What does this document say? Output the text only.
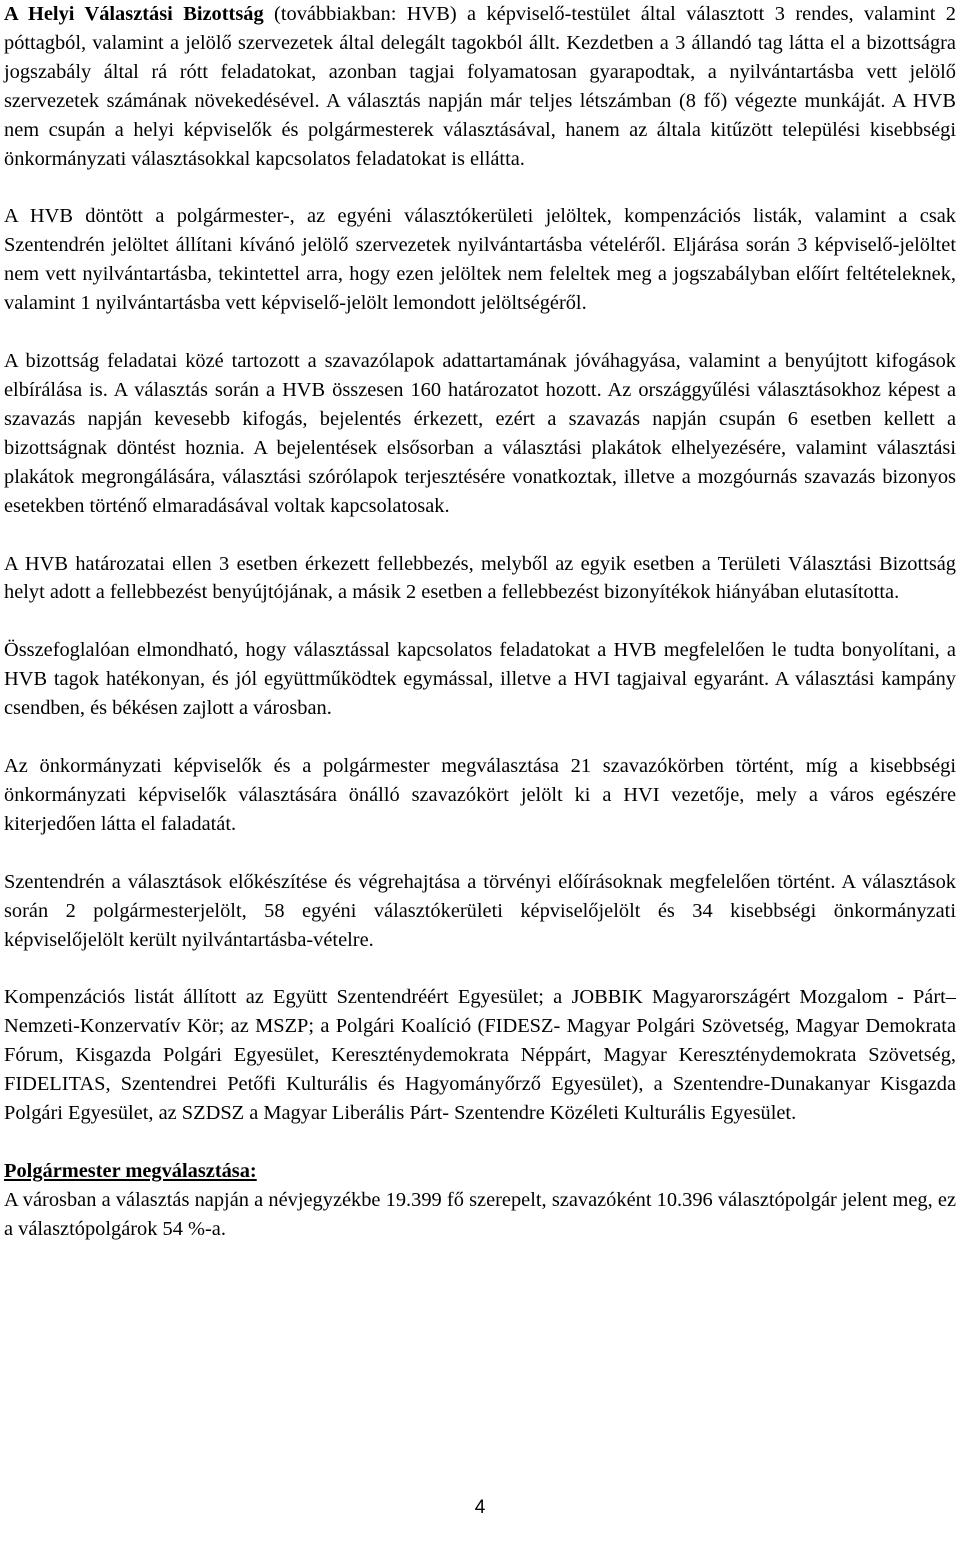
A Helyi Választási Bizottság (továbbiakban: HVB) a képviselő-testület által választott 3 rendes, valamint 2 póttagból, valamint a jelölő szervezetek által delegált tagokból állt. Kezdetben a 3 állandó tag látta el a bizottságra jogszabály által rá rótt feladatokat, azonban tagjai folyamatosan gyarapodtak, a nyilvántartásba vett jelölő szervezetek számának növekedésével. A választás napján már teljes létszámban (8 fő) végezte munkáját. A HVB nem csupán a helyi képviselők és polgármesterek választásával, hanem az általa kitűzött települési kisebbségi önkormányzati választásokkal kapcsolatos feladatokat is ellátta.

A HVB döntött a polgármester-, az egyéni választókerületi jelöltek, kompenzációs listák, valamint a csak Szentendrén jelöltet állítani kívánó jelölő szervezetek nyilvántartásba vételéről. Eljárása során 3 képviselő-jelöltet nem vett nyilvántartásba, tekintettel arra, hogy ezen jelöltek nem feleltek meg a jogszabályban előírt feltételeknek, valamint 1 nyilvántartásba vett képviselő-jelölt lemondott jelöltségéről.

A bizottság feladatai közé tartozott a szavazólapok adattartamának jóváhagyása, valamint a benyújtott kifogások elbírálása is. A választás során a HVB összesen 160 határozatot hozott. Az országgyűlési választásokhoz képest a szavazás napján kevesebb kifogás, bejelentés érkezett, ezért a szavazás napján csupán 6 esetben kellett a bizottságnak döntést hoznia. A bejelentések elsősorban a választási plakátok elhelyezésére, valamint választási plakátok megrongálására, választási szórólapok terjesztésére vonatkoztak, illetve a mozgóurnás szavazás bizonyos esetekben történő elmaradásával voltak kapcsolatosak.

A HVB határozatai ellen 3 esetben érkezett fellebbezés, melyből az egyik esetben a Területi Választási Bizottság helyt adott a fellebbezést benyújtójának, a másik 2 esetben a fellebbezést bizonyítékok hiányában elutasította.

Összefoglalóan elmondható, hogy választással kapcsolatos feladatokat a HVB megfelelően le tudta bonyolítani, a HVB tagok hatékonyan, és jól együttműködtek egymással, illetve a HVI tagjaival egyaránt. A választási kampány csendben, és békésen zajlott a városban.

Az önkormányzati képviselők és a polgármester megválasztása 21 szavazókörben történt, míg a kisebbségi önkormányzati képviselők választására önálló szavazókört jelölt ki a HVI vezetője, mely a város egészére kiterjedően látta el faladatát.

Szentendrén a választások előkészítése és végrehajtása a törvényi előírásoknak megfelelően történt. A választások során 2 polgármesterjelölt, 58 egyéni választókerületi képviselőjelölt és 34 kisebbségi önkormányzati képviselőjelölt került nyilvántartásba-vételre.

Kompenzációs listát állított az Együtt Szentendréért Egyesület; a JOBBIK Magyarországért Mozgalom - Párt– Nemzeti-Konzervatív Kör; az MSZP; a Polgári Koalíció (FIDESZ- Magyar Polgári Szövetség, Magyar Demokrata Fórum, Kisgazda Polgári Egyesület, Kereszténydemokrata Néppárt, Magyar Kereszténydemokrata Szövetség, FIDELITAS, Szentendrei Petőfi Kulturális és Hagyományőrző Egyesület), a Szentendre-Dunakanyar Kisgazda Polgári Egyesület, az SZDSZ a Magyar Liberális Párt- Szentendre Közéleti Kulturális Egyesület.

Polgármester megválasztása:

A városban a választás napján a névjegyzékbe 19.399 fő szerepelt, szavazóként 10.396 választópolgár jelent meg, ez a választópolgárok 54 %-a.

4
